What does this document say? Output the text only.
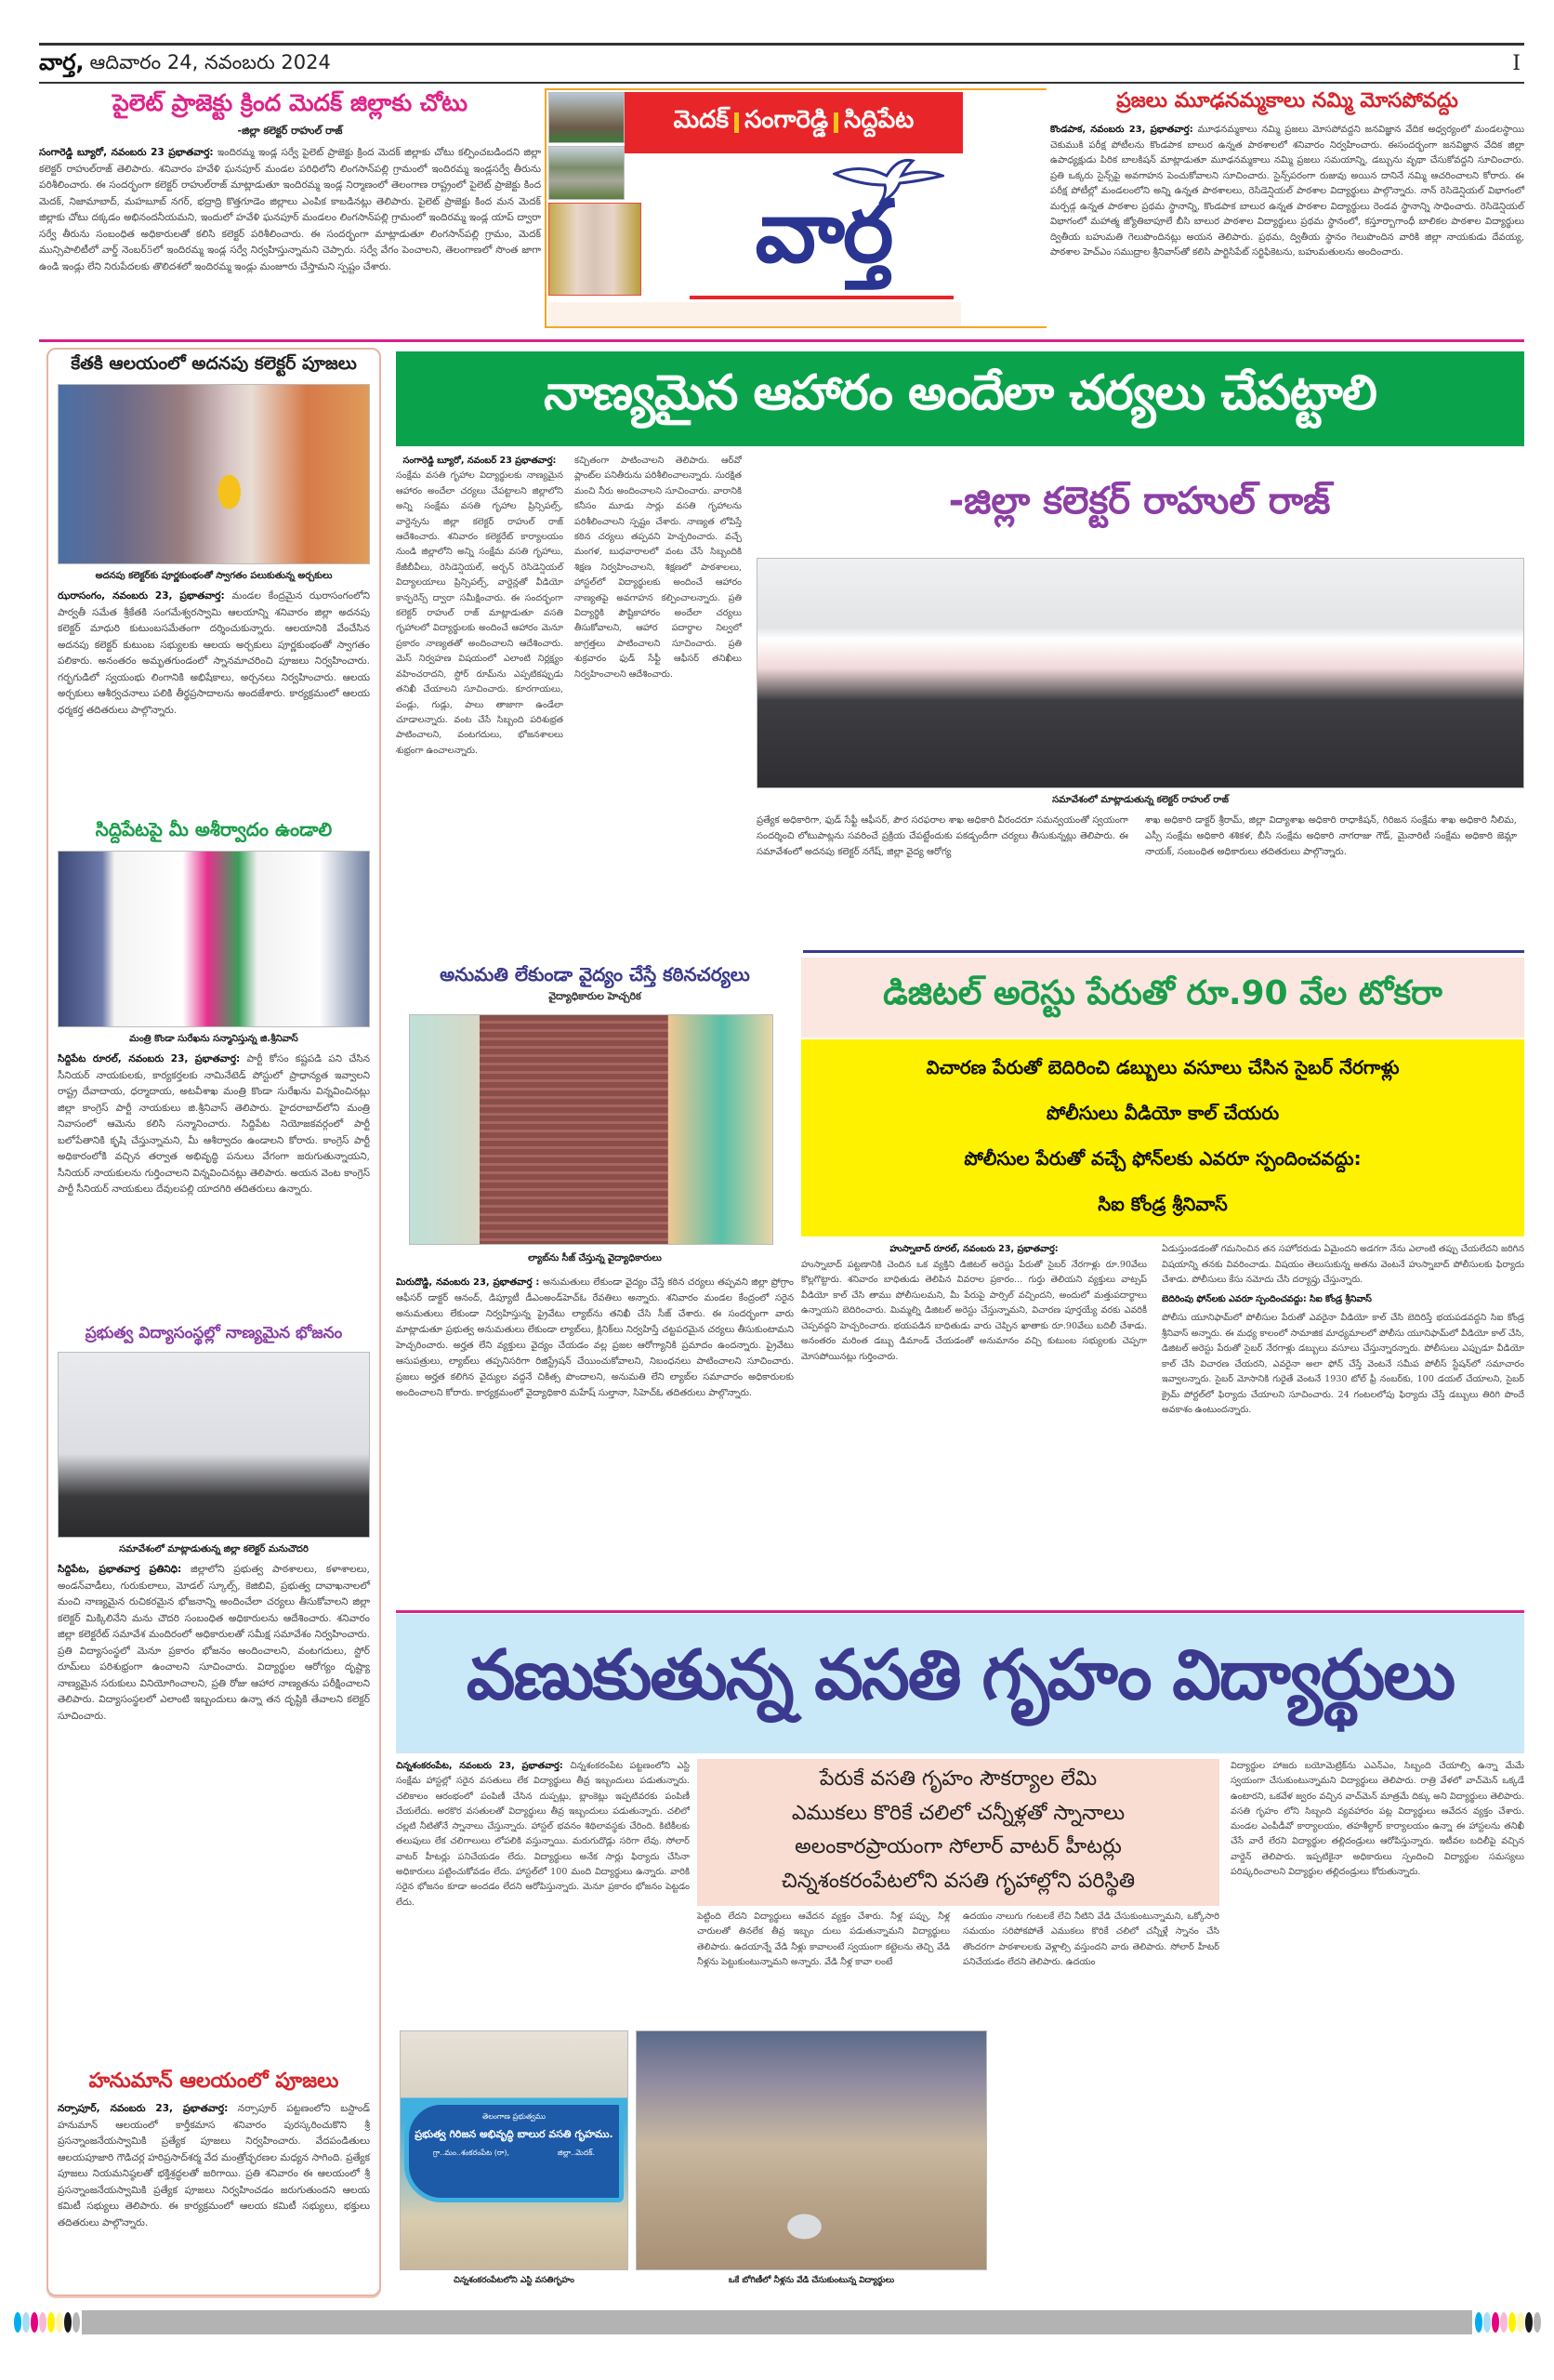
వార్త, ఆదివారం 24, నవంబరు 2024	I
పైలెట్ ప్రాజెక్టు క్రింద మెదక్ జిల్లాకు చోటు
-జిల్లా కలెక్టర్ రాహుల్ రాజ్

సంగారెడ్డి బ్యూరో, నవంబరు 23 ప్రభాతవార్త: ఇందిరమ్మ ఇండ్ల సర్వే పైలెట్ ప్రాజెక్టు క్రింద మెదక్ జిల్లాకు చోటు కల్పించబడిందని జిల్లా కలెక్టర్ రాహుల్‌రాజ్ తెలిపారు. శనివారం హవేళి ఘనపూర్ మండల పరిధిలోని లింగసాన్‌పల్లి గ్రామంలో ఇందిరమ్మ ఇండ్లసర్వే తీరును పరిశీలించారు. ఈ సందర్భంగా కలెక్టర్ రాహుల్‌రాజ్ మాట్లాడుతూ ఇందిరమ్మ ఇండ్ల నిర్మాణంలో తెలంగాణ రాష్ట్రంలో పైలెట్ ప్రాజెక్టు కింద మెదక్, నిజామాబాద్, మహబూబ్ నగర్, భద్రాద్రి కొత్తగూడెం జిల్లాలు ఎంపిక కాబడినట్లు తెలిపారు. పైలెట్ ప్రాజెక్టు కింద మన మెదక్ జిల్లాకు చోటు దక్కడం అభినందనీయమని, ఇందులో హవేళి ఘనపూర్ మండలం లింగసాన్‌పల్లి గ్రామంలో ఇందిరమ్మ ఇండ్ల యాప్ ద్వారా సర్వే తీరును సంబంధిత అధికారులతో కలిసి కలెక్టర్ పరిశీలించారు. ఈ సందర్భంగా మాట్లాడుతూ లింగసాన్‌పల్లి గ్రామం, మెదక్ మున్సిపాలిటీలో వార్డ్ నెంబర్5లో ఇందిరమ్మ ఇండ్ల సర్వే నిర్వహిస్తున్నామని చెప్పారు. సర్వే వేగం పెంచాలని, తెలంగాణలో సొంత జాగా ఉండి ఇండ్లు లేని నిరుపేదలకు తొలిదశలో ఇందిరమ్మ ఇండ్లు మంజూరు చేస్తామని స్పష్టం చేశారు.

మెదక్ సంగారెడ్డి సిద్దిపేట
వార్త
ప్రజలు మూఢనమ్మకాలు నమ్మి మోసపోవద్దు

కొండపాక, నవంబరు 23, ప్రభాతవార్త: మూఢనమ్మకాలు నమ్మి ప్రజలు మోసపోవద్దని జనవిజ్ఞాన వేదిక అధ్వర్యంలో మండలస్థాయి చెకుముకి పరీక్ష పోటీలను కొండపాక బాలుర ఉన్నత పాఠశాలలో శనివారం నిర్వహించారు. ఈసందర్భంగా జనవిజ్ఞాన వేదిక జిల్లా ఉపాధ్యక్షుడు పిరిక బాలకిషన్ మాట్లాడుతూ మూఢనమ్మకాలు నమ్మి ప్రజలు సమయాన్ని, డబ్బును వృథా చేసుకోవద్దని సూచించారు. ప్రతి ఒక్కరు సైన్స్‌పై అవగాహన పెంచుకోవాలని సూచించారు. సైన్స్‌పరంగా రుజువు అయిన దానినే నమ్మి ఆచరించాలని కోరారు. ఈ పరీక్ష పోటీల్లో మండలంలోని అన్ని ఉన్నత పాఠశాలలు, రెసిడెన్షియల్ పాఠశాల విద్యార్థులు పాల్గొన్నారు. నాన్ రెసిడెన్షియల్ విభాగంలో మర్పడ్గ ఉన్నత పాఠశాల ప్రథమ స్థానాన్ని, కొండపాక బాలుర ఉన్నత పాఠశాల విద్యార్థులు రెండవ స్థానాన్ని సాధించారు. రెసిడెన్షియల్ విభాగంలో మహాత్మ జ్యోతిబాపూలే బీసి బాలుర పాఠశాల విద్యార్థులు ప్రథమ స్థానంలో, కస్తూర్బాగాంధీ బాలికల పాఠశాల విద్యార్థులు ద్వితీయ బహుమతి గెలుపొందినట్లు అయన తెలిపారు. ప్రథమ, ద్వితీయ స్థానం గెలుపొందిన వారికి జిల్లా నాయకుడు దేవయ్య, పాఠశాల హెచ్‌ఎం సముద్రాల శ్రీనివాస్‌తో కలిసి పార్టిసిపేట్ సర్టిఫికెటను, బహుమతులను అందించారు.

కేతకి ఆలయంలో అదనపు కలెక్టర్ పూజలు
అదనపు కలెక్టర్‌కు పూర్ణకుంభంతో స్వాగతం పలుకుతున్న అర్చకులు

ఝరాసంగం, నవంబరు 23, ప్రభాతవార్త: మండల కేంద్రమైన ఝరాసంగంలోని పార్వతీ సమేత శ్రీకేతకి సంగమేశ్వరస్వామి ఆలయాన్ని శనివారం జిల్లా అదనపు కలెక్టర్ మాధురి కుటుంబసమేతంగా దర్శించుకున్నారు. ఆలయానికి వేంచేసిన అదనపు కలెక్టర్ కుటుంబ సభ్యులకు ఆలయ అర్చకులు పూర్ణకుంభంతో స్వాగతం పలికారు. అనంతరం అమృతగుండంలో స్నానమాచరించి పూజలు నిర్వహించారు. గర్భగుడిలో స్వయంభు లింగానికి అభిషేకాలు, అర్చనలు నిర్వహించారు. ఆలయ అర్చకులు ఆశీర్వచనాలు పలికి తీర్థప్రసాదాలను అందజేశారు. కార్యక్రమంలో ఆలయ ధర్మకర్త తదితరులు పాల్గొన్నారు.

సిద్దిపేటపై మీ అశీర్వాదం ఉండాలి
మంత్రి కొండా సురేఖను సన్మానిస్తున్న జి.శ్రీనివాస్

సిద్దిపేట రూరల్, నవంబరు 23, ప్రభాతవార్త: పార్టీ కోసం కష్టపడి పని చేసిన సీనియర్ నాయకులకు, కార్యకర్తలకు నామినేటెడ్ పోస్టులో ప్రాధాన్యత ఇవ్వాలని రాష్ట్ర దేవాదాయ, ధర్మాదాయ, అటవీశాఖ మంత్రి కొండా సురేఖను విన్నవించినట్లు జిల్లా కాంగ్రెస్ పార్టీ నాయకులు జి.శ్రీనివాస్ తెలిపారు. హైదరాబాద్‌లోని మంత్రి నివాసంలో ఆమెను కలిసి సన్మానించారు. సిద్దిపేట నియోజకవర్గంలో పార్టీ బలోపేతానికి కృషి చేస్తున్నామని, మీ ఆశీర్వాదం ఉండాలని కోరారు. కాంగ్రెస్ పార్టీ అధికారంలోకి వచ్చిన తర్వాత అభివృద్ధి పనులు వేగంగా జరుగుతున్నాయని, సీనియర్ నాయకులను గుర్తించాలని విన్నవించినట్లు తెలిపారు. అయన వెంట కాంగ్రెస్ పార్టీ సీనియర్ నాయకులు దేవులపల్లి యాదగిరి తదితరులు ఉన్నారు.

ప్రభుత్వ విద్యాసంస్థల్లో నాణ్యమైన భోజనం
సమావేశంలో మాట్లాడుతున్న జిల్లా కలెక్టర్ మనుచౌదరి

సిద్దిపేట, ప్రభాతవార్త ప్రతినిధి: జిల్లాలోని ప్రభుత్వ పాఠశాలలు, కళాశాలలు, అండన్‌వాడీలు, గురుకులాలు, మోడల్ స్కూల్స్, కెజిబివి, ప్రభుత్వ దావాఖనాలలో మంచి నాణ్యమైన రుచికరమైన భోజనాన్ని అందించేలా చర్యలు తీసుకోవాలని జిల్లా కలెక్టర్ మిక్కిలినేని మను చౌదరి సంబంధిత అధికారులను ఆదేశించారు. శనివారం జిల్లా కలెక్టరేట్ సమావేశ మందిరంలో అధికారులతో సమీక్ష సమావేశం నిర్వహించారు. ప్రతి విద్యాసంస్థలో మెనూ ప్రకారం భోజనం అందించాలని, వంటగదులు, స్టోర్ రూమ్‌లు పరిశుభ్రంగా ఉంచాలని సూచించారు. విద్యార్థుల ఆరోగ్యం దృష్ట్యా నాణ్యమైన సరుకులు వినియోగించాలని, ప్రతి రోజు ఆహార నాణ్యతను పరీక్షించాలని తెలిపారు. విద్యాసంస్థలలో ఎలాంటి ఇబ్బందులు ఉన్నా తన దృష్టికి తేవాలని కలెక్టర్ సూచించారు.

హనుమాన్ ఆలయంలో పూజలు

నర్సాపూర్, నవంబరు 23, ప్రభాతవార్త: నర్సాపూర్ పట్టణంలోని బస్టాండ్ హనుమాన్ ఆలయంలో కార్తీకమాస శనివారం పురస్కరించుకొని శ్రీ ప్రసన్నాంజనేయస్వామికి ప్రత్యేక పూజలు నిర్వహించారు. వేదపండితులు ఆలయపూజారి గౌడిచర్ల హరిప్రసాద్‌శర్మ వేద మంత్రోచ్ఛరణల మధ్యన సాగింది. ప్రత్యేక పూజలు నియమనిష్ఠలతో భక్తిశ్రద్ధలతో జరిగాయి. ప్రతి శనివారం ఈ ఆలయంలో శ్రీ ప్రసన్నాంజనేయస్వామికి ప్రత్యేక పూజలు నిర్వహించడం జరుగుతుందని ఆలయ కమిటీ సభ్యులు తెలిపారు. ఈ కార్యక్రమంలో ఆలయ కమిటీ సభ్యులు, భక్తులు తదితరులు పాల్గొన్నారు.

నాణ్యమైన ఆహారం అందేలా చర్యలు చేపట్టాలి
సంగారెడ్డి బ్యూరో, నవంబర్ 23 ప్రభాతవార్త:
సంక్షేమ వసతి గృహాల విద్యార్థులకు నాణ్యమైన ఆహారం అందేలా చర్యలు చేపట్టాలని జిల్లాలోని అన్ని సంక్షేమ వసతి గృహాల ప్రిన్సిపల్స్, వార్డెన్సను జిల్లా కలెక్టర్ రాహుల్ రాజ్ ఆదేశించారు. శనివారం కలెక్టరేట్ కార్యాలయం నుండి జిల్లాలోని అన్ని సంక్షేమ వసతి గృహాలు, కేజీబీవీలు, రెసిడెన్షియల్, అర్బన్ రెసిడెన్షియల్ విద్యాలయాలు ప్రిన్సిపల్స్, వార్డెన్లతో వీడియో కాన్ఫరెన్స్ ద్వారా సమీక్షించారు. ఈ సందర్భంగా కలెక్టర్ రాహుల్ రాజ్ మాట్లాడుతూ వసతి గృహాలలో విద్యార్థులకు అందించే ఆహారం మెనూ ప్రకారం నాణ్యతతో అందించాలని ఆదేశించారు. మెస్ నిర్వహణ విషయంలో ఎలాంటి నిర్లక్ష్యం వహించరాదని, స్టోర్ రూమ్‌ను ఎప్పటికప్పుడు తనిఖీ చేయాలని సూచించారు. కూరగాయలు, పండ్లు, గుడ్లు, పాలు తాజాగా ఉండేలా చూడాలన్నారు. వంట చేసే సిబ్బంది పరిశుభ్రత పాటించాలని, వంటగదులు, భోజనశాలలు శుభ్రంగా ఉంచాలన్నారు.
కచ్చితంగా పాటించాలని తెలిపారు. ఆర్‌వో ప్లాంట్‌ల పనితీరును పరిశీలించాలన్నారు. సురక్షిత మంచి నీరు అందించాలని సూచించారు. వారానికి కనీసం మూడు సార్లు వసతి గృహాలను పరిశీలించాలని స్పష్టం చేశారు. నాణ్యత లోపిస్తే కఠిన చర్యలు తప్పవని హెచ్చరించారు. వచ్చే మంగళ, బుధవారాలలో వంట చేసే సిబ్బందికి శిక్షణ నిర్వహించాలని, శిక్షణలో పాఠశాలలు, హాస్టల్‌లో విద్యార్థులకు అందించే ఆహారం నాణ్యతపై అవగాహన కల్పించాలన్నారు. ప్రతి విద్యార్థికి పౌష్టికాహారం అందేలా చర్యలు తీసుకోవాలని, ఆహార పదార్థాల నిల్వలో జాగ్రత్తలు పాటించాలని సూచించారు. ప్రతి శుక్రవారం ఫుడ్ సేఫ్టీ ఆఫీసర్ తనిఖీలు నిర్వహించాలని ఆదేశించారు.
-జిల్లా కలెక్టర్ రాహుల్ రాజ్
సమావేశంలో మాట్లాడుతున్న కలెక్టర్ రాహుల్ రాజ్
ప్రత్యేక అధికారిగా, ఫుడ్ సేఫ్టీ ఆఫీసర్, పౌర సరఫరాల శాఖ అధికారి వీరందరూ సమన్వయంతో స్వయంగా సందర్శించి లోటుపాట్లను సవరించే ప్రక్రియ చేపట్టేందుకు పకడ్బందీగా చర్యలు తీసుకున్నట్లు తెలిపారు. ఈ సమావేశంలో అదనపు కలెక్టర్ నగేష్, జిల్లా వైద్య ఆరోగ్య
శాఖ అధికారి డాక్టర్ శ్రీరామ్, జిల్లా విద్యాశాఖ అధికారి రాధాకిషన్, గిరిజన సంక్షేమ శాఖ అధికారి నీలిమ, ఎస్సీ సంక్షేమ అధికారి శశికళ, బీసి సంక్షేమ అధికారి నాగరాజు గౌడ్, మైనారిటీ సంక్షేమ అధికారి జెమ్లా నాయక్, సంబంధిత అధికారులు తదితరులు పాల్గొన్నారు.
అనుమతి లేకుండా వైద్యం చేస్తే కఠినచర్యలు
వైద్యాధికారుల హెచ్చరిక
ల్యాబ్‌ను సీజ్ చేస్తున్న వైద్యాధికారులు

మిరుదొడ్డి, నవంబరు 23, ప్రభాతవార్త : అనుమతులు లేకుండా వైద్యం చేస్తే కఠిన చర్యలు తప్పవని జిల్లా ప్రోగ్రాం ఆఫీసర్ డాక్టర్ ఆనంద్, డిప్యూటీ డీఎంఅండ్‌హెచ్‌ఓ రేవతిలు అన్నారు. శనివారం మండల కేంద్రంలో సరైన అనుమతులు లేకుండా నిర్వహిస్తున్న ప్రైవేటు ల్యాబ్‌ను తనిఖీ చేసి సీజ్ చేశారు. ఈ సందర్భంగా వారు మాట్లాడుతూ ప్రభుత్వ అనుమతులు లేకుండా ల్యాబ్‌లు, క్లినిక్‌లు నిర్వహిస్తే చట్టపరమైన చర్యలు తీసుకుంటామని హెచ్చరించారు. అర్హత లేని వ్యక్తులు వైద్యం చేయడం వల్ల ప్రజల ఆరోగ్యానికి ప్రమాదం ఉందన్నారు. ప్రైవేటు ఆసుపత్రులు, ల్యాబ్‌లు తప్పనిసరిగా రిజిస్ట్రేషన్ చేయించుకోవాలని, నిబంధనలు పాటించాలని సూచించారు. ప్రజలు అర్హత కలిగిన వైద్యుల వద్దనే చికిత్స పొందాలని, అనుమతి లేని ల్యాబ్‌ల సమాచారం అధికారులకు అందించాలని కోరారు. కార్యక్రమంలో వైద్యాధికారి మహేష్ సుల్తానా, సిహెచ్‌ఓ తదితరులు పాల్గొన్నారు.

డిజిటల్ అరెస్టు పేరుతో రూ.90 వేల టోకరా
విచారణ పేరుతో బెదిరించి డబ్బులు వసూలు చేసిన సైబర్ నేరగాళ్లు
పోలీసులు వీడియో కాల్ చేయరు
పోలీసుల పేరుతో వచ్చే ఫోన్‌లకు ఎవరూ స్పందించవద్దు:
సిఐ కోండ్ర శ్రీనివాస్
హుస్నాబాద్ రూరల్, నవంబరు 23, ప్రభాతవార్త:
హుస్నాబాద్ పట్టణానికి చెందిన ఒక వ్యక్తిని డిజిటల్ అరెస్టు పేరుతో సైబర్ నేరగాళ్లు రూ.90వేలు కొల్లగొట్టారు. శనివారం బాధితుడు తెలిపిన వివరాల ప్రకారం... గుర్తు తెలియని వ్యక్తులు వాట్సప్ వీడియో కాల్ చేసి తాము పోలీసులమని, మీ పేరుపై పార్సిల్ వచ్చిందని, అందులో మత్తుపదార్థాలు ఉన్నాయని బెదిరించారు. మిమ్మల్ని డిజిటల్ అరెస్టు చేస్తున్నామని, విచారణ పూర్తయ్యే వరకు ఎవరికీ చెప్పవద్దని హెచ్చరించారు. భయపడిన బాధితుడు వారు చెప్పిన ఖాతాకు రూ.90వేలు బదిలీ చేశాడు. అనంతరం మరింత డబ్బు డిమాండ్ చేయడంతో అనుమానం వచ్చి కుటుంబ సభ్యులకు చెప్పగా మోసపోయినట్లు గుర్తించారు.
ఏడుస్తుండడంతో గమనించిన తన సహోదరుడు ఏమైందని అడగగా నేను ఎలాంటి తప్పు చేయలేదని జరిగిన విషయాన్ని తనకు వివరించాడు. విషయం తెలుసుకున్న అతను వెంటనే హుస్నాబాద్ పోలీసులకు ఫిర్యాదు చేశాడు. పోలీసులు కేసు నమోదు చేసి దర్యాప్తు చేస్తున్నారు.
బెదిరింపు ఫోన్‌లకు ఎవరూ స్పందించవద్దు: సిఐ కోండ్ర శ్రీనివాస్
పోలీసు యూనిఫామ్‌లో పోలీసుల పేరుతో ఎవరైనా వీడియో కాల్ చేసి బెదిరిస్తే భయపడవద్దని సిఐ కోండ్ర శ్రీనివాస్ అన్నారు. ఈ మధ్య కాలంలో సామాజిక మాధ్యమాలలో పోలీసు యూనిఫామ్‌లో వీడియో కాల్ చేసి, డిజిటల్ అరెస్టు పేరుతో సైబర్ నేరగాళ్లు డబ్బులు వసూలు చేస్తున్నారన్నారు. పోలీసులు ఎప్పుడూ వీడియో కాల్ చేసి విచారణ చేయరని, ఎవరైనా అలా ఫోన్ చేస్తే వెంటనే సమీప పోలీస్ స్టేషన్‌లో సమాచారం ఇవ్వాలన్నారు. సైబర్ మోసానికి గురైతే వెంటనే 1930 టోల్ ఫ్రీ నంబర్‌కు, 100 డయల్ చేయాలని, సైబర్ క్రైమ్ పోర్టల్‌లో ఫిర్యాదు చేయాలని సూచించారు. 24 గంటలలోపు ఫిర్యాదు చేస్తే డబ్బులు తిరిగి పొందే అవకాశం ఉంటుందన్నారు.
వణుకుతున్న వసతి గృహం విద్యార్థులు
చిన్నశంకరంపేట, నవంబరు 23, ప్రభాతవార్త: చిన్నశంకరంపేట పట్టణంలోని ఎస్టి సంక్షేమ హాస్టల్లో సరైన వసతులు లేక విద్యార్థులు తీవ్ర ఇబ్బందులు పడుతున్నారు. చలికాలం ఆరంభంలో పంపిణీ చేసిన దుప్పట్లు, బ్లాంకెట్లు ఇప్పటివరకు పంపిణీ చేయలేదు. అరకొర వసతులతో విద్యార్థులు తీవ్ర ఇబ్బందులు పడుతున్నారు. చలిలో చల్లటి నీటితోనే స్నానాలు చేస్తున్నారు. హాస్టల్ భవనం శిథిలావస్థకు చేరింది. కిటికీలకు తలుపులు లేక చలిగాలులు లోపలికి వస్తున్నాయి. మరుగుదొడ్లు సరిగా లేవు. సోలార్ వాటర్ హీటర్లు పనిచేయడం లేదు. విద్యార్థులు అనేక సార్లు ఫిర్యాదు చేసినా అధికారులు పట్టించుకోవడం లేదు. హాస్టల్‌లో 100 మంది విద్యార్థులు ఉన్నారు. వారికి సరైన భోజనం కూడా అందడం లేదని ఆరోపిస్తున్నారు. మెనూ ప్రకారం భోజనం పెట్టడం లేదు.
పేరుకే వసతి గృహం సౌకర్యాల లేమి
ఎముకలు కొరికే చలిలో చన్నీళ్లతో స్నానాలు
అలంకారప్రాయంగా సోలార్ వాటర్ హీటర్లు
చిన్నశంకరంపేటలోని వసతి గృహాల్లోని పరిస్థితి
పెట్టింది లేదని విద్యార్థులు ఆవేదన వ్యక్తం చేశారు. నీళ్ల పప్పు, నీళ్ల చారులతో తినలేక తీవ్ర ఇబ్బం దులు పడుతున్నామని విద్యార్థులు తెలిపారు. ఉదయాన్నే వేడి నీళ్లు కావాలంటే స్వయంగా కట్టెలను తెచ్చి వేడి నీళ్లను పెట్టుకుంటున్నామని అన్నారు. వేడి నీళ్ల కావా లంటే
ఉదయం నాలుగు గంటలకే లేచి నీటిని వేడి చేసుకుంటున్నామని, ఒక్కోసారి సమయం సరిపోకపోతే ఎముకలు కొరికే చలిలో చన్నీళ్లే స్నానం చేసి తొందరగా పాఠశాలలకు వెళ్లాల్సి వస్తుందని వారు తెలిపారు. సోలార్ హీటర్ పనిచేయడం లేదని తెలిపారు. ఉదయం
విద్యార్థుల హాజరు బయోమెట్రిక్‌ను ఎఎన్ఎం, సిబ్బంది చేయాల్సి ఉన్నా మేమే స్వయంగా చేసుకుంటున్నామని విద్యార్థులు తెలిపారు. రాత్రి వేళలో వాచ్‌మెన్ ఒక్కడే ఉంటారని, ఒకవేళ జ్వరం వచ్చిన వాచ్‌మెన్ మాత్రమే దిక్కు అని విద్యార్థులు తెలిపారు. వసతి గృహం లోని సిబ్బంది వ్యవహారం పట్ల విద్యార్థులు ఆవేదన వ్యక్తం చేశారు. మండల ఎంపీడీవో కార్యాలయం, తహశీల్దార్ కార్యాలయం ఉన్నా ఈ హాస్టలను తనిఖీ చేసే వారే లేరని విద్యార్థుల తల్లిదండ్రులు ఆరోపిస్తున్నారు. ఇటీవల బదిలీపై వచ్చిన వార్డెన్ తెలిపారు. ఇప్పటికైనా అధికారులు స్పందించి విద్యార్థుల సమస్యలు పరిష్కరించాలని విద్యార్థుల తల్లిదండ్రులు కోరుతున్నారు.
తెలంగాణ ప్రభుత్వము
ప్రభుత్వ గిరిజన అభివృద్ధి బాలుర వసతి గృహము.
గ్రా..మం..శంకరంపేట (రా),	జిల్లా..మెదక్.
చిన్నశంకరంపేటలోని ఎస్టి వసతిగృహం	ఒకే బోగిణీలో నీళ్లను వేడి చేసుకుంటున్న విద్యార్థులు
